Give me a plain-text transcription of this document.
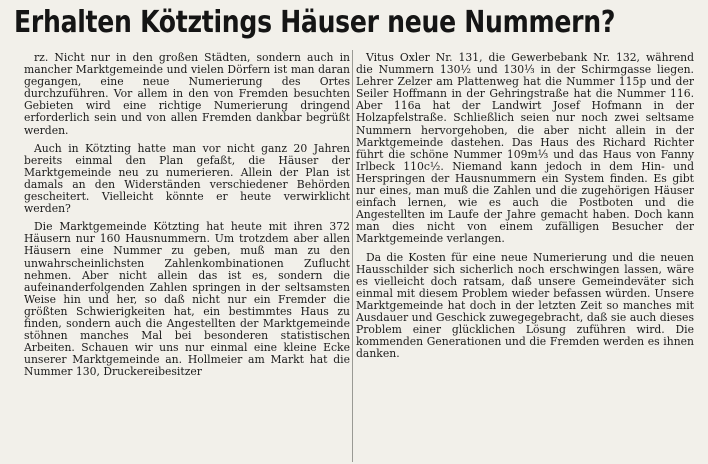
Erhalten Kötztings Häuser neue Nummern?

rz. Nicht nur in den großen Städten, sondern auch in mancher Marktgemeinde und vielen Dörfern ist man daran gegangen, eine neue Numerierung des Ortes durchzuführen. Vor allem in den von Fremden besuchten Gebieten wird eine richtige Numerierung dringend erforderlich sein und von allen Fremden dankbar begrüßt werden.

Auch in Kötzting hatte man vor nicht ganz 20 Jahren bereits einmal den Plan gefaßt, die Häuser der Marktgemeinde neu zu numerieren. Allein der Plan ist damals an den Widerständen verschiedener Behörden gescheitert. Vielleicht könnte er heute verwirklicht werden?

Die Marktgemeinde Kötzting hat heute mit ihren 372 Häusern nur 160 Hausnummern. Um trotzdem aber allen Häusern eine Nummer zu geben, muß man zu den unwahrscheinlichsten Zahlenkombinationen Zuflucht nehmen. Aber nicht allein das ist es, sondern die aufeinanderfolgenden Zahlen springen in der seltsamsten Weise hin und her, so daß nicht nur ein Fremder die größten Schwierigkeiten hat, ein bestimmtes Haus zu finden, sondern auch die Angestellten der Marktgemeinde stöhnen manches Mal bei besonderen statistischen Arbeiten. Schauen wir uns nur einmal eine kleine Ecke unserer Marktgemeinde an. Hollmeier am Markt hat die Nummer 130, Druckereibesitzer

Vitus Oxler Nr. 131, die Gewerbebank Nr. 132, während die Nummern 130½ und 130⅓ in der Schirmgasse liegen. Lehrer Zelzer am Plattenweg hat die Nummer 115p und der Seiler Hoffmann in der Gehringstraße hat die Nummer 116. Aber 116a hat der Landwirt Josef Hofmann in der Holzapfelstraße. Schließlich seien nur noch zwei seltsame Nummern hervorgehoben, die aber nicht allein in der Marktgemeinde dastehen. Das Haus des Richard Richter führt die schöne Nummer 109m⅓ und das Haus von Fanny Irlbeck 110c½. Niemand kann jedoch in dem Hin- und Herspringen der Hausnummern ein System finden. Es gibt nur eines, man muß die Zahlen und die zugehörigen Häuser einfach lernen, wie es auch die Postboten und die Angestellten im Laufe der Jahre gemacht haben. Doch kann man dies nicht von einem zufälligen Besucher der Marktgemeinde verlangen.

Da die Kosten für eine neue Numerierung und die neuen Hausschilder sich sicherlich noch erschwingen lassen, wäre es vielleicht doch ratsam, daß unsere Gemeindeväter sich einmal mit diesem Problem wieder befassen würden. Unsere Marktgemeinde hat doch in der letzten Zeit so manches mit Ausdauer und Geschick zuwegegebracht, daß sie auch dieses Problem einer glücklichen Lösung zuführen wird. Die kommenden Generationen und die Fremden werden es ihnen danken.
